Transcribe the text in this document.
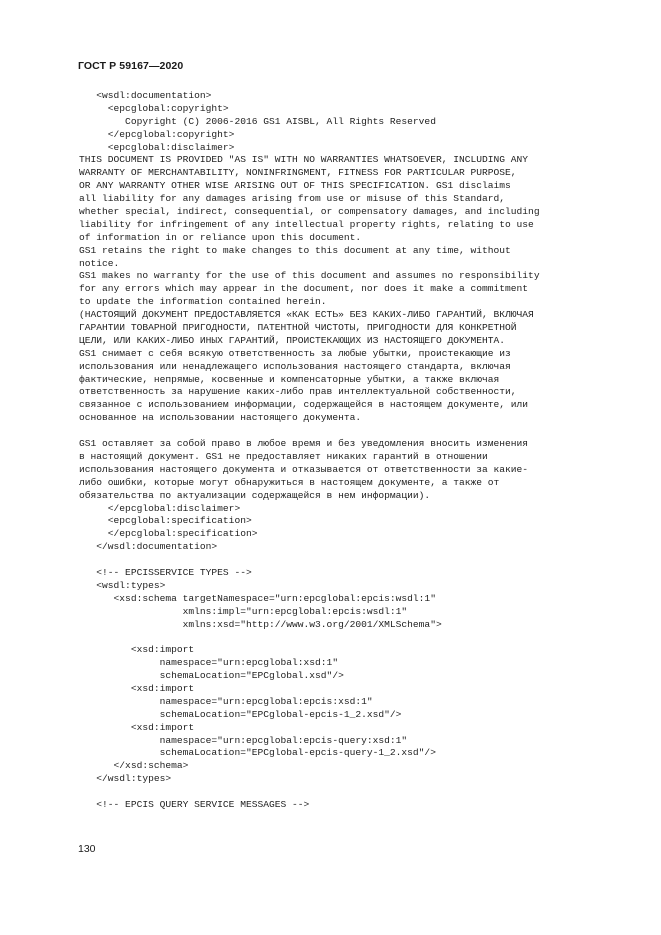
ГОСТ Р 59167—2020
<wsdl:documentation>
<epcglobal:copyright>
Copyright (C) 2006-2016 GS1 AISBL, All Rights Reserved
</epcglobal:copyright>
<epcglobal:disclaimer>
THIS DOCUMENT IS PROVIDED "AS IS" WITH NO WARRANTIES WHATSOEVER, INCLUDING ANY
WARRANTY OF MERCHANTABILITY, NONINFRINGMENT, FITNESS FOR PARTICULAR PURPOSE,
OR ANY WARRANTY OTHER WISE ARISING OUT OF THIS SPECIFICATION. GS1 disclaims
all liability for any damages arising from use or misuse of this Standard,
whether special, indirect, consequential, or compensatory damages, and including
liability for infringement of any intellectual property rights, relating to use
of information in or reliance upon this document.
GS1 retains the right to make changes to this document at any time, without
notice.
GS1 makes no warranty for the use of this document and assumes no responsibility
for any errors which may appear in the document, nor does it make a commitment
to update the information contained herein.
(НАСТОЯЩИЙ ДОКУМЕНТ ПРЕДОСТАВЛЯЕТСЯ «КАК ЕСТЬ» БЕЗ КАКИХ-ЛИБО ГАРАНТИЙ, ВКЛЮЧАЯ
ГАРАНТИИ ТОВАРНОЙ ПРИГОДНОСТИ, ПАТЕНТНОЙ ЧИСТОТЫ, ПРИГОДНОСТИ ДЛЯ КОНКРЕТНОЙ
ЦЕЛИ, ИЛИ КАКИХ-ЛИБО ИНЫХ ГАРАНТИЙ, ПРОИСТЕКАЮЩИХ ИЗ НАСТОЯЩЕГО ДОКУМЕНТА.
GS1 снимает с себя всякую ответственность за любые убытки, проистекающие из
использования или ненадлежащего использования настоящего стандарта, включая
фактические, непрямые, косвенные и компенсаторные убытки, а также включая
ответственность за нарушение каких-либо прав интеллектуальной собственности,
связанное с использованием информации, содержащейся в настоящем документе, или
основанное на использовании настоящего документа.
GS1 оставляет за собой право в любое время и без уведомления вносить изменения
в настоящий документ. GS1 не предоставляет никаких гарантий в отношении
использования настоящего документа и отказывается от ответственности за какие-
либо ошибки, которые могут обнаружиться в настоящем документе, а также от
обязательства по актуализации содержащейся в нем информации).
</epcglobal:disclaimer>
<epcglobal:specification>
</epcglobal:specification>
</wsdl:documentation>
<!-- EPCISSERVICE TYPES -->
<wsdl:types>
<xsd:schema targetNamespace="urn:epcglobal:epcis:wsdl:1"
xmlns:impl="urn:epcglobal:epcis:wsdl:1"
xmlns:xsd="http://www.w3.org/2001/XMLSchema">
<xsd:import
namespace="urn:epcglobal:xsd:1"
schemaLocation="EPCglobal.xsd"/>
<xsd:import
namespace="urn:epcglobal:epcis:xsd:1"
schemaLocation="EPCglobal-epcis-1_2.xsd"/>
<xsd:import
namespace="urn:epcglobal:epcis-query:xsd:1"
schemaLocation="EPCglobal-epcis-query-1_2.xsd"/>
</xsd:schema>
</wsdl:types>
<!-- EPCIS QUERY SERVICE MESSAGES -->
130
